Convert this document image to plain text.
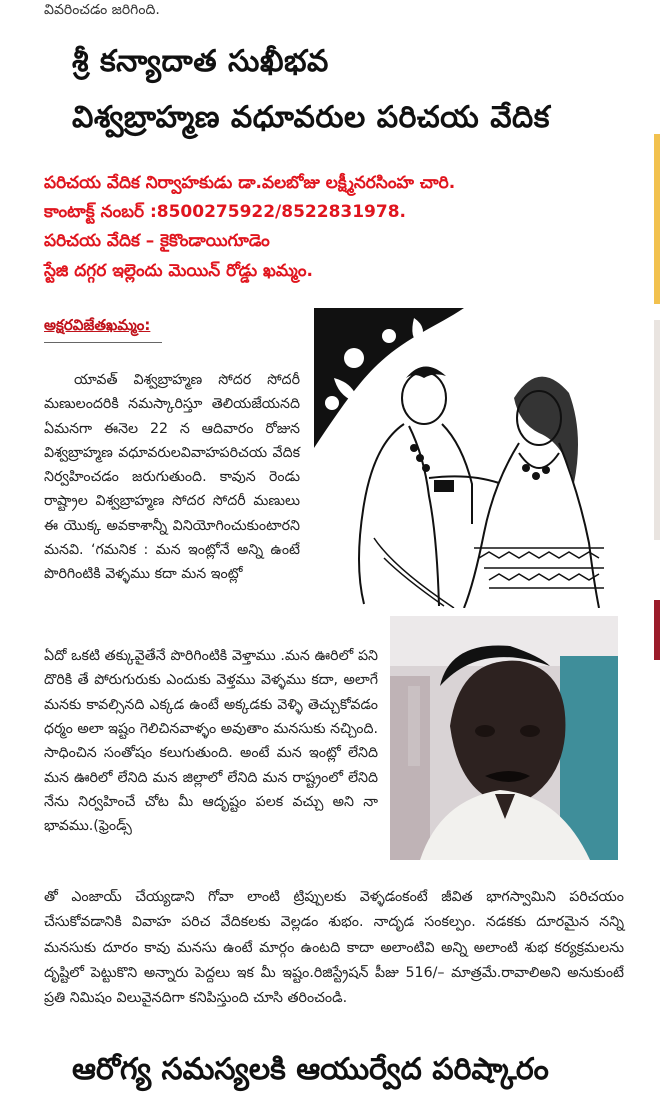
వివరించడం జరిగింది.
శ్రీ కన్యాదాత సుఖీభవ
విశ్వబ్రాహ్మణ వధూవరుల పరిచయ వేదిక
పరిచయ వేదిక నిర్వాహకుడు డా.వలబోజు లక్ష్మీనరసింహ చారి.
కాంటాక్ట్ నంబర్ :8500275922/8522831978.
పరిచయ వేదిక – కైకొండాయిగూడెం
స్టేజి దగ్గర ఇల్లెందు మెయిన్ రోడ్డు ఖమ్మం.
అక్షరవిజేతఖమ్మం:

యావత్ విశ్వబ్రాహ్మణ సోదర సోదరీ మణులందరికి నమస్కారిస్తూ తెలియజేయనది ఏమనగా ఈనెల 22 న ఆదివారం రోజున విశ్వబ్రాహ్మణ వధూవరులవివాహపరిచయ వేదిక నిర్వహించడం జరుగుతుంది. కావున రెండు రాష్ట్రాల విశ్వబ్రాహ్మణ సోదర సోదరీ మణులు ఈ యొక్క అవకాశాన్నీ వినియోగించుకుంటారని మనవి. ‘గమనిక : మన ఇంట్లోనే అన్ని ఉంటే పొరిగింటికి వెళ్ళము కదా మన ఇంట్లో

ఏదో ఒకటి తక్కువైతేనే పొరిగింటికి వెళ్తాము .మన ఊరిలో పని దొరికి తే పోరుగురుకు ఎందుకు వెళ్తము వెళ్ళము కదా, అలాగే మనకు కావల్సినది ఎక్కడ ఉంటే అక్కడకు వెళ్ళి తెచ్చుకోవడం ధర్మం అలా ఇష్టం గెలిచినవాళ్ళం అవుతాం మనసుకు నచ్చింది. సాధించిన సంతోషం కలుగుతుంది. అంటే మన ఇంట్లో లేనిది మన ఊరిలో లేనిది మన జిల్లాలో లేనిది మన రాష్ట్రంలో లేనిది నేను నిర్వహించే చోట మీ ఆదృష్టం పలక వచ్చు అని నా భావము.(ఫ్రెండ్స్

తో ఎంజాయ్ చేయ్యడాని గోవా లాంటి ట్రిప్పులకు వెళ్ళడంకంటే జీవిత భాగస్వామిని పరిచయం చేసుకోవడానికి వివాహ పరిచ వేదికలకు వెల్లడం శుభం. నాదృడ సంకల్పం. నడకకు దూరమైన నన్ని మనసుకు దూరం కావు మనసు ఉంటే మార్గం ఉంటది కాదా అలాంటివి అన్ని అలాంటి శుభ కర్యక్రమలను దృష్టిలో పెట్టుకొని అన్నారు పెద్దలు ఇక మీ ఇష్టం.రిజిస్ట్రేషన్ పీజు 516/– మాత్రమే.రావాలిఅని అనుకుంటే ప్రతి నిమిషం విలువైనదిగా కనిపిస్తుంది చూసి తరించండి.

ఆరోగ్య సమస్యలకి ఆయుర్వేద పరిష్కారం
